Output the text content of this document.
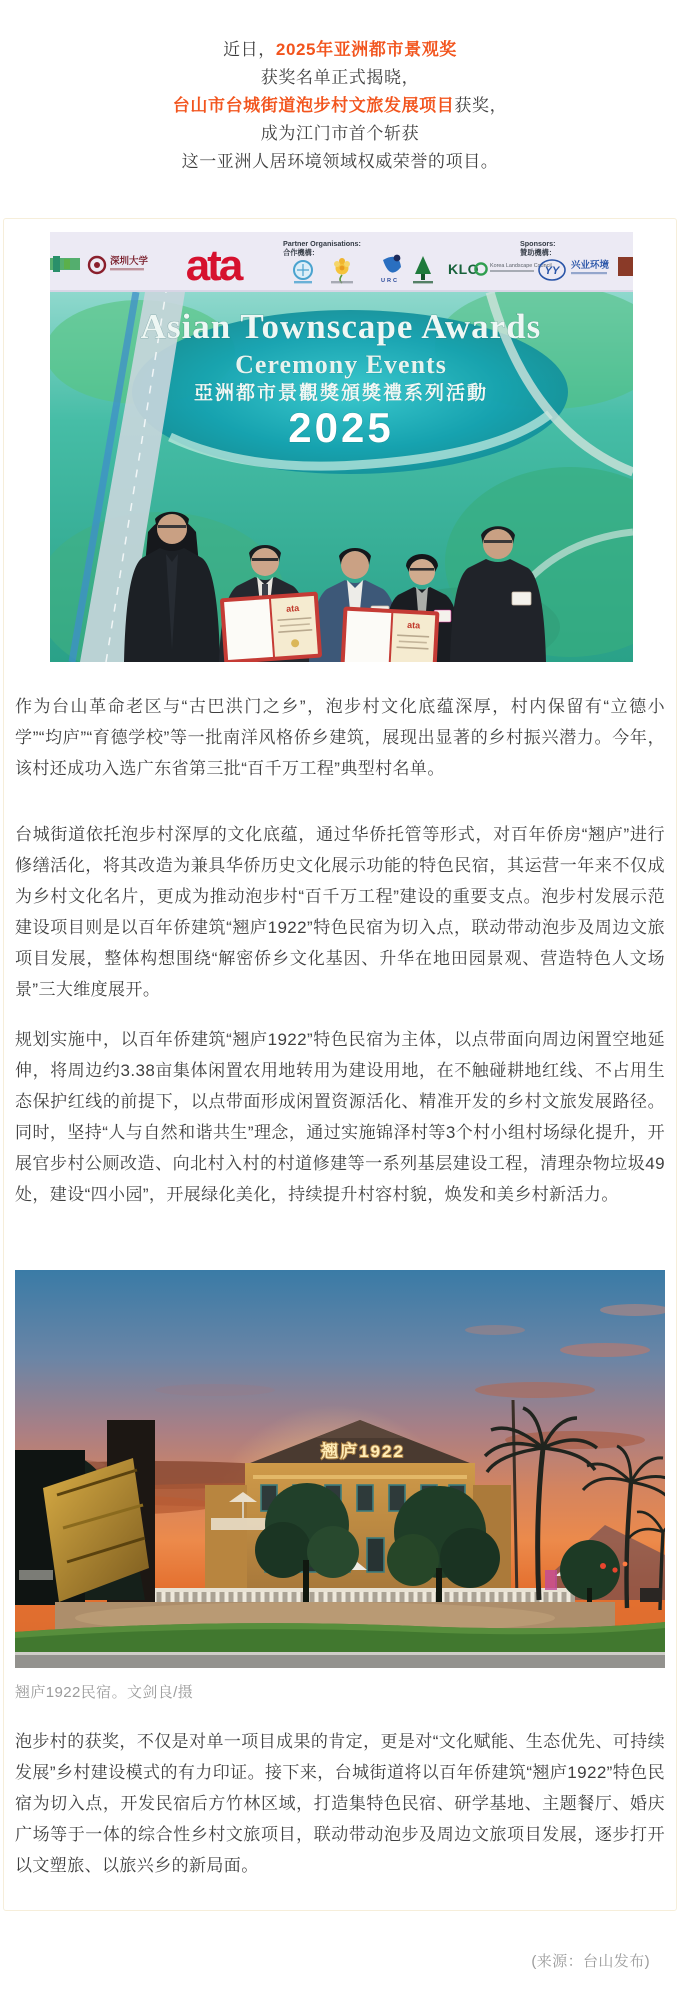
近日，2025年亚洲都市景观奖

获奖名单正式揭晓，

台山市台城街道泡步村文旅发展项目获奖，

成为江门市首个斩获

这一亚洲人居环境领域权威荣誉的项目。

Asian Townscape Awards
Ceremony Events
亞洲都市景觀獎頒獎禮系列活動
2025
ata
ata
深圳大学 ata	Partner Organisations:
合作機構：
URC
KLO Korea Landscape Council
Sponsors:
贊助機構：
YY 兴业环境

作为台山革命老区与“古巴洪门之乡”，泡步村文化底蕴深厚，村内保留有“立德小学”“均庐”“育德学校”等一批南洋风格侨乡建筑，展现出显著的乡村振兴潜力。今年，该村还成功入选广东省第三批“百千万工程”典型村名单。

台城街道依托泡步村深厚的文化底蕴，通过华侨托管等形式，对百年侨房“翘庐”进行修缮活化，将其改造为兼具华侨历史文化展示功能的特色民宿，其运营一年来不仅成为乡村文化名片，更成为推动泡步村“百千万工程”建设的重要支点。泡步村发展示范建设项目则是以百年侨建筑“翘庐1922”特色民宿为切入点，联动带动泡步及周边文旅项目发展，整体构想围绕“解密侨乡文化基因、升华在地田园景观、营造特色人文场景”三大维度展开。

规划实施中，以百年侨建筑“翘庐1922”特色民宿为主体，以点带面向周边闲置空地延伸，将周边约3.38亩集体闲置农用地转用为建设用地，在不触碰耕地红线、不占用生态保护红线的前提下，以点带面形成闲置资源活化、精准开发的乡村文旅发展路径。同时，坚持“人与自然和谐共生”理念，通过实施锦泽村等3个村小组村场绿化提升，开展官步村公厕改造、向北村入村的村道修建等一系列基层建设工程，清理杂物垃圾49处，建设“四小园”，开展绿化美化，持续提升村容村貌，焕发和美乡村新活力。

翘庐1922

翘庐1922民宿。文剑良/摄

泡步村的获奖，不仅是对单一项目成果的肯定，更是对“文化赋能、生态优先、可持续发展”乡村建设模式的有力印证。接下来，台城街道将以百年侨建筑“翘庐1922”特色民宿为切入点，开发民宿后方竹林区域，打造集特色民宿、研学基地、主题餐厅、婚庆广场等于一体的综合性乡村文旅项目，联动带动泡步及周边文旅项目发展，逐步打开以文塑旅、以旅兴乡的新局面。

(来源：台山发布)
